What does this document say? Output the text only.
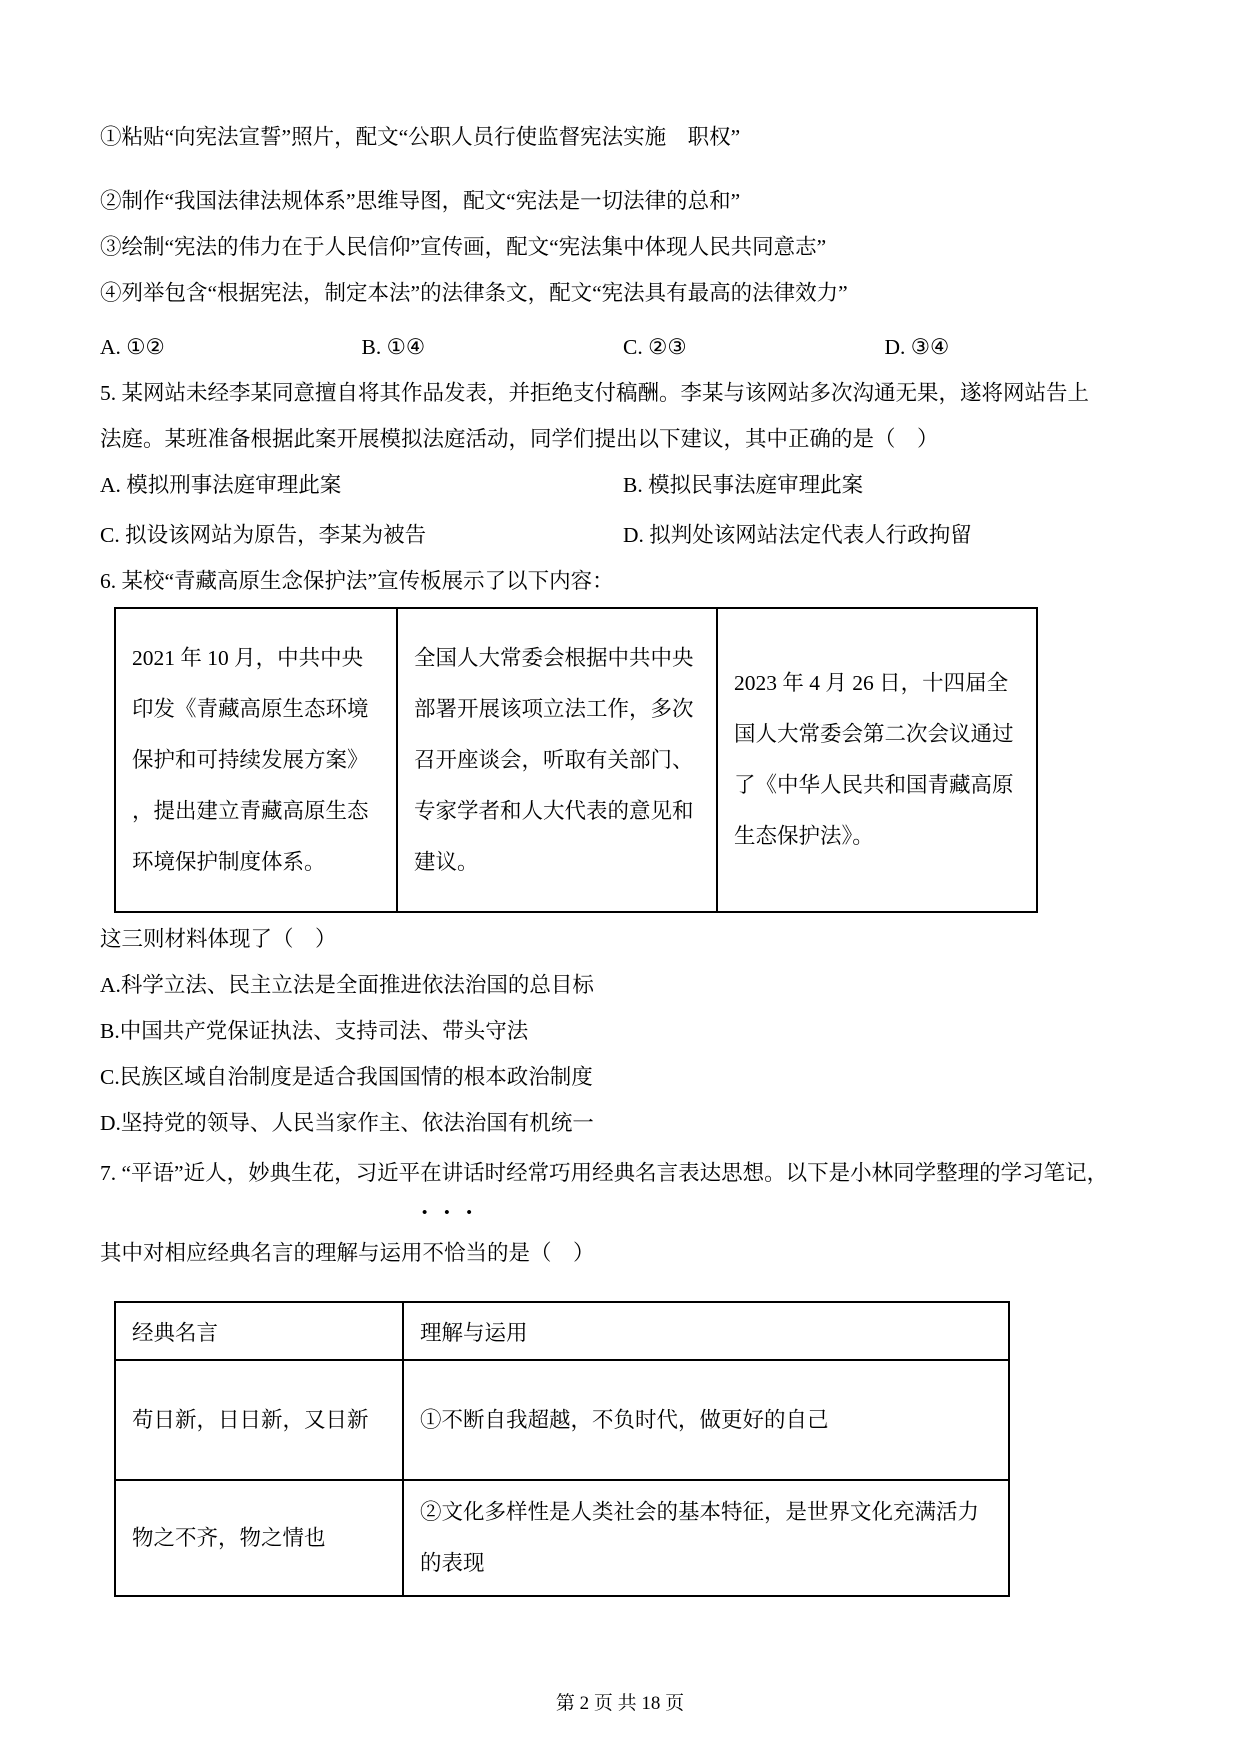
①粘贴“向宪法宣誓”照片，配文“公职人员行使监督宪法实施　职权”
②制作“我国法律法规体系”思维导图，配文“宪法是一切法律的总和”
③绘制“宪法的伟力在于人民信仰”宣传画，配文“宪法集中体现人民共同意志”
④列举包含“根据宪法，制定本法”的法律条文，配文“宪法具有最高的法律效力”
A. ①②	B. ①④	C. ②③	D. ③④
5. 某网站未经李某同意擅自将其作品发表，并拒绝支付稿酬。李某与该网站多次沟通无果，遂将网站告上
法庭。某班准备根据此案开展模拟法庭活动，同学们提出以下建议，其中正确的是（　）
A. 模拟刑事法庭审理此案	B. 模拟民事法庭审理此案
C. 拟设该网站为原告，李某为被告	D. 拟判处该网站法定代表人行政拘留
6. 某校“青藏高原生念保护法”宣传板展示了以下内容：
2021 年 10 月，中共中央印发《青藏高原生态环境保护和可持续发展方案》 ，提出建立青藏高原生态环境保护制度体系。	全国人大常委会根据中共中央部署开展该项立法工作，多次召开座谈会，听取有关部门、专家学者和人大代表的意见和建议。	2023 年 4 月 26 日，十四届全国人大常委会第二次会议通过了《中华人民共和国青藏高原生态保护法》。
这三则材料体现了（　）
A.科学立法、民主立法是全面推进依法治国的总目标
B.中国共产党保证执法、支持司法、带头守法
C.民族区域自治制度是适合我国国情的根本政治制度
D.坚持党的领导、人民当家作主、依法治国有机统一
7. “平语”近人，妙典生花，习近平在讲话时经常巧用经典名言表达思想。以下是小林同学整理的学习笔记，
•••
其中对相应经典名言的理解与运用不恰当的是（　）
经典名言	理解与运用
苟日新，日日新，又日新	①不断自我超越，不负时代，做更好的自己
物之不齐，物之情也	②文化多样性是人类社会的基本特征，是世界文化充满活力的表现
第 2 页 共 18 页
